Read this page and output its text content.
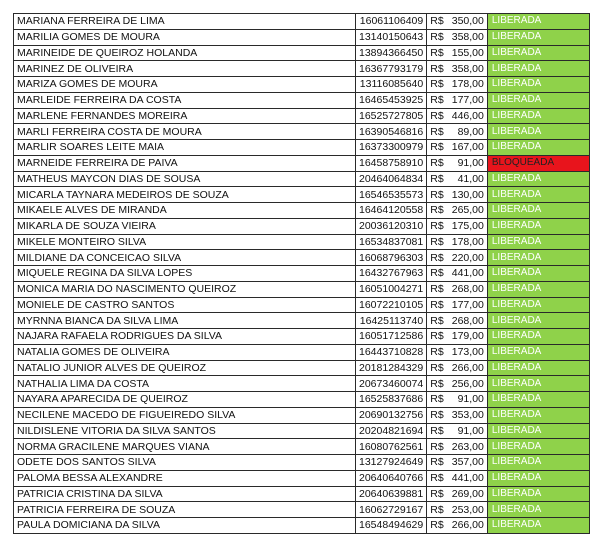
MARIANA FERREIRA DE LIMA	16061106409	R$	350,00	LIBERADA
MARILIA GOMES DE MOURA	13140150643	R$	358,00	LIBERADA
MARINEIDE DE QUEIROZ HOLANDA	13894366450	R$	155,00	LIBERADA
MARINEZ DE OLIVEIRA	16367793179	R$	358,00	LIBERADA
MARIZA GOMES DE MOURA	13116085640	R$	178,00	LIBERADA
MARLEIDE FERREIRA DA COSTA	16465453925	R$	177,00	LIBERADA
MARLENE FERNANDES MOREIRA	16525727805	R$	446,00	LIBERADA
MARLI FERREIRA COSTA DE MOURA	16390546816	R$	89,00	LIBERADA
MARLIR SOARES LEITE MAIA	16373300979	R$	167,00	LIBERADA
MARNEIDE FERREIRA DE PAIVA	16458758910	R$	91,00	BLOQUEADA
MATHEUS MAYCON DIAS DE SOUSA	20464064834	R$	41,00	LIBERADA
MICARLA TAYNARA MEDEIROS DE SOUZA	16546535573	R$	130,00	LIBERADA
MIKAELE ALVES DE MIRANDA	16464120558	R$	265,00	LIBERADA
MIKARLA DE SOUZA VIEIRA	20036120310	R$	175,00	LIBERADA
MIKELE MONTEIRO SILVA	16534837081	R$	178,00	LIBERADA
MILDIANE DA CONCEICAO SILVA	16068796303	R$	220,00	LIBERADA
MIQUELE REGINA DA SILVA LOPES	16432767963	R$	441,00	LIBERADA
MONICA MARIA DO NASCIMENTO QUEIROZ	16051004271	R$	268,00	LIBERADA
MONIELE DE CASTRO SANTOS	16072210105	R$	177,00	LIBERADA
MYRNNA BIANCA DA SILVA LIMA	16425113740	R$	268,00	LIBERADA
NAJARA RAFAELA RODRIGUES DA SILVA	16051712586	R$	179,00	LIBERADA
NATALIA GOMES DE OLIVEIRA	16443710828	R$	173,00	LIBERADA
NATALIO JUNIOR ALVES DE QUEIROZ	20181284329	R$	266,00	LIBERADA
NATHALIA LIMA DA COSTA	20673460074	R$	256,00	LIBERADA
NAYARA APARECIDA DE QUEIROZ	16525837686	R$	91,00	LIBERADA
NECILENE MACEDO DE FIGUEIREDO SILVA	20690132756	R$	353,00	LIBERADA
NILDISLENE VITORIA DA SILVA SANTOS	20204821694	R$	91,00	LIBERADA
NORMA GRACILENE MARQUES VIANA	16080762561	R$	263,00	LIBERADA
ODETE DOS SANTOS SILVA	13127924649	R$	357,00	LIBERADA
PALOMA BESSA ALEXANDRE	20640640766	R$	441,00	LIBERADA
PATRICIA CRISTINA DA SILVA	20640639881	R$	269,00	LIBERADA
PATRICIA FERREIRA DE SOUZA	16062729167	R$	253,00	LIBERADA
PAULA DOMICIANA DA SILVA	16548494629	R$	266,00	LIBERADA
